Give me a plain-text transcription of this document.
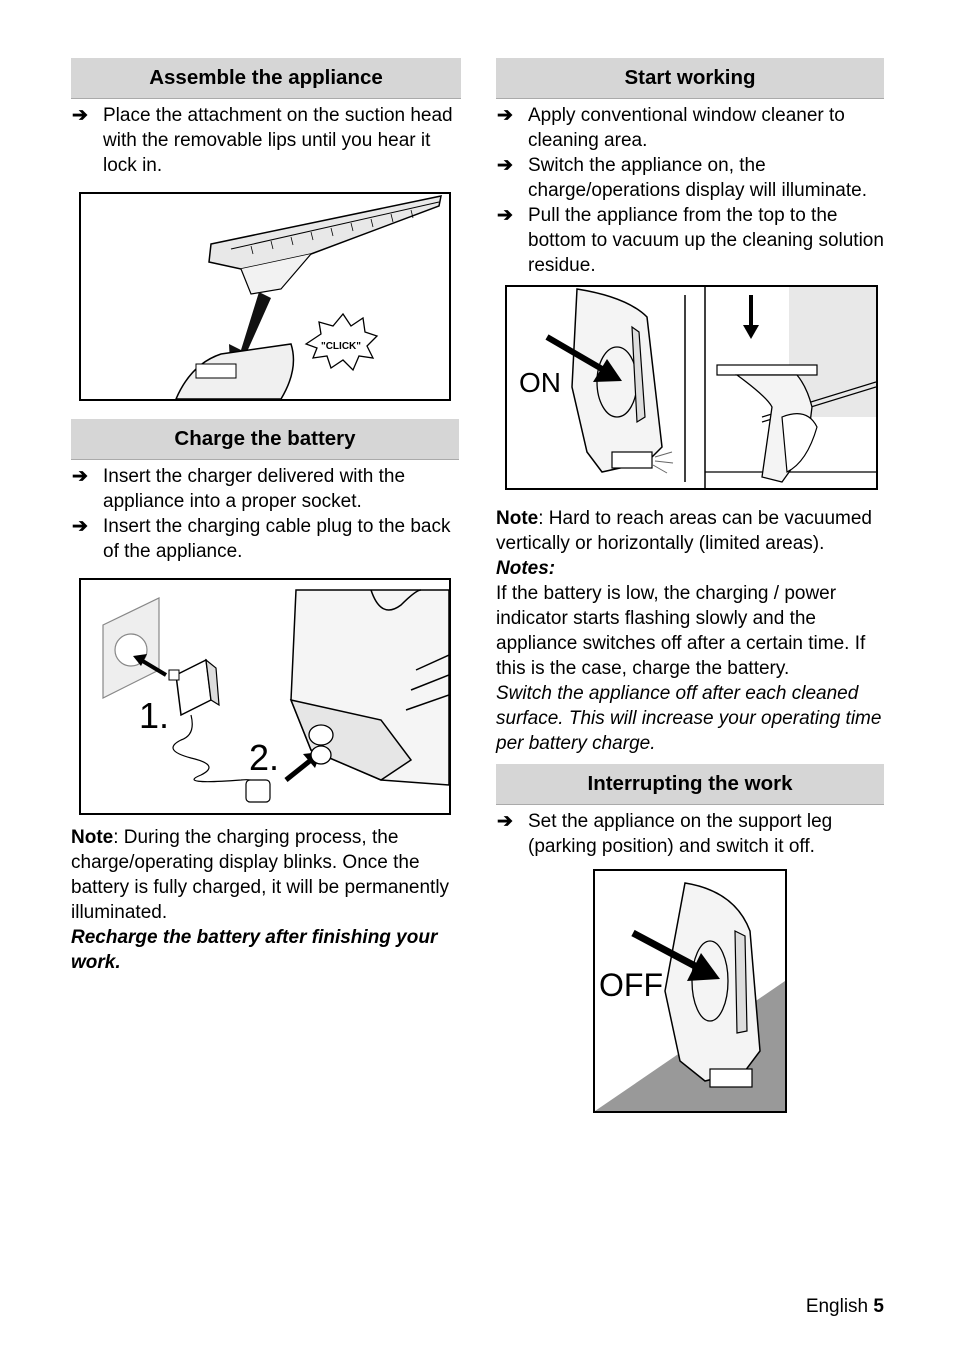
Assemble the appliance
➔ Place the attachment on the suction head with the removable lips until you hear it lock in.
"CLICK"
Charge the battery
➔ Insert the charger delivered with the appliance into a proper socket.
➔ Insert the charging cable plug to the back of the appliance.
1.
2.

Note: During the charging process, the charge/operating display blinks. Once the battery is fully charged, it will be permanently illuminated.

Recharge the battery after finishing your work.

Start working
➔ Apply conventional window cleaner to cleaning area.
➔ Switch the appliance on, the charge/operations display will illuminate.
➔ Pull the appliance from the top to the bottom to vacuum up the cleaning solution residue.
ON

Note: Hard to reach areas can be vacuumed vertically or horizontally (limited areas).

Notes:

If the battery is low, the charging / power indicator starts flashing slowly and the appliance switches off after a certain time. If this is the case, charge the battery.

Switch the appliance off after each cleaned surface. This will increase your operating time per battery charge.

Interrupting the work
➔ Set the appliance on the support leg (parking position) and switch it off.
OFF
English 5
